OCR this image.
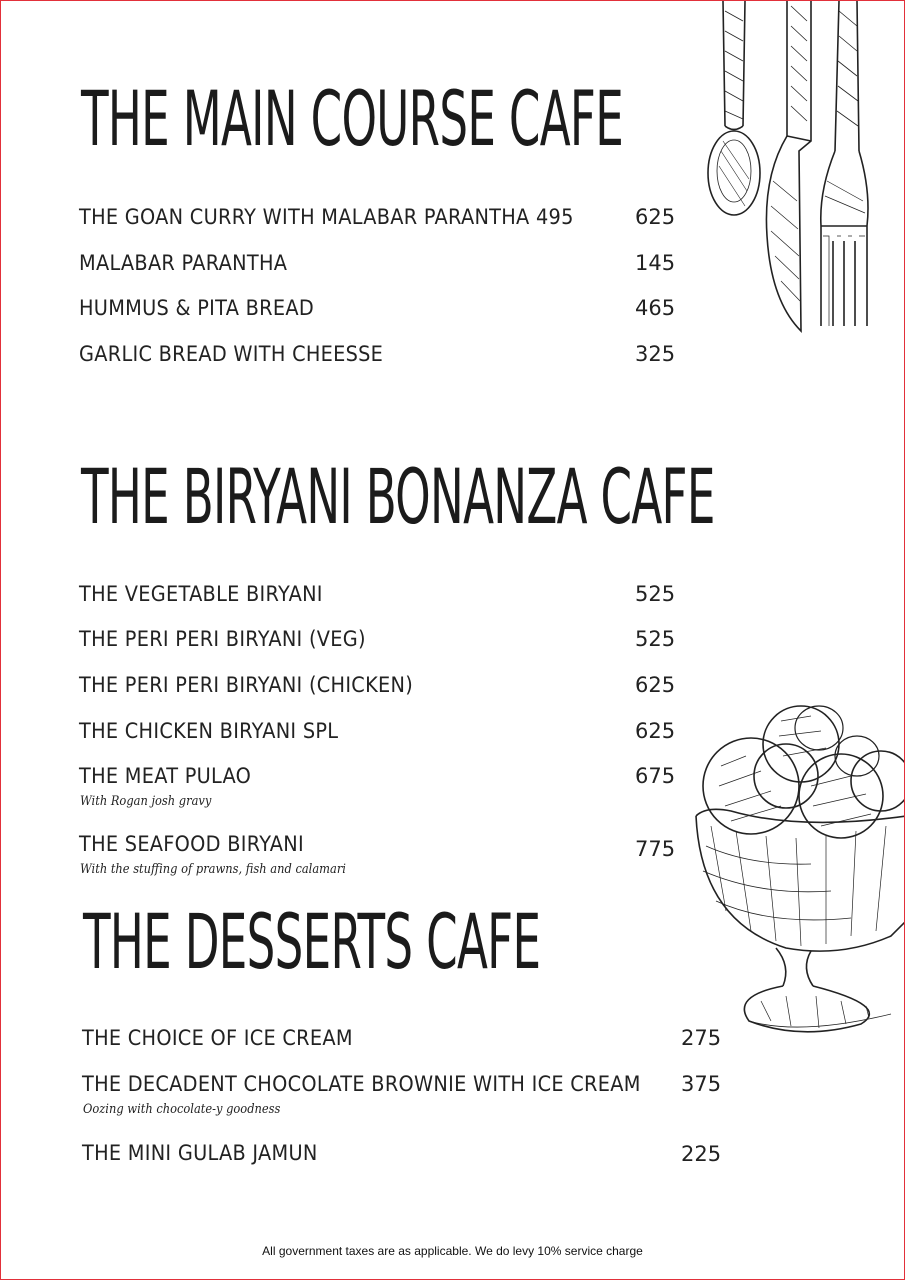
THE MAIN COURSE CAFE
THE GOAN CURRY WITH MALABAR PARANTHA 495	625
MALABAR PARANTHA	145
HUMMUS & PITA BREAD	465
GARLIC BREAD WITH CHEESSE	325
THE BIRYANI BONANZA CAFE
THE VEGETABLE BIRYANI	525
THE PERI PERI BIRYANI (VEG)	525
THE PERI PERI BIRYANI (CHICKEN)	625
THE CHICKEN BIRYANI SPL	625
THE MEAT PULAO	675
With Rogan josh gravy
THE SEAFOOD BIRYANI	775
With the stuffing of prawns, fish and calamari
THE DESSERTS CAFE
THE CHOICE OF ICE CREAM	275
THE DECADENT CHOCOLATE BROWNIE WITH ICE CREAM 375
Oozing with chocolate-y goodness
THE MINI GULAB JAMUN	225
All government taxes are as applicable. We do levy 10% service charge
